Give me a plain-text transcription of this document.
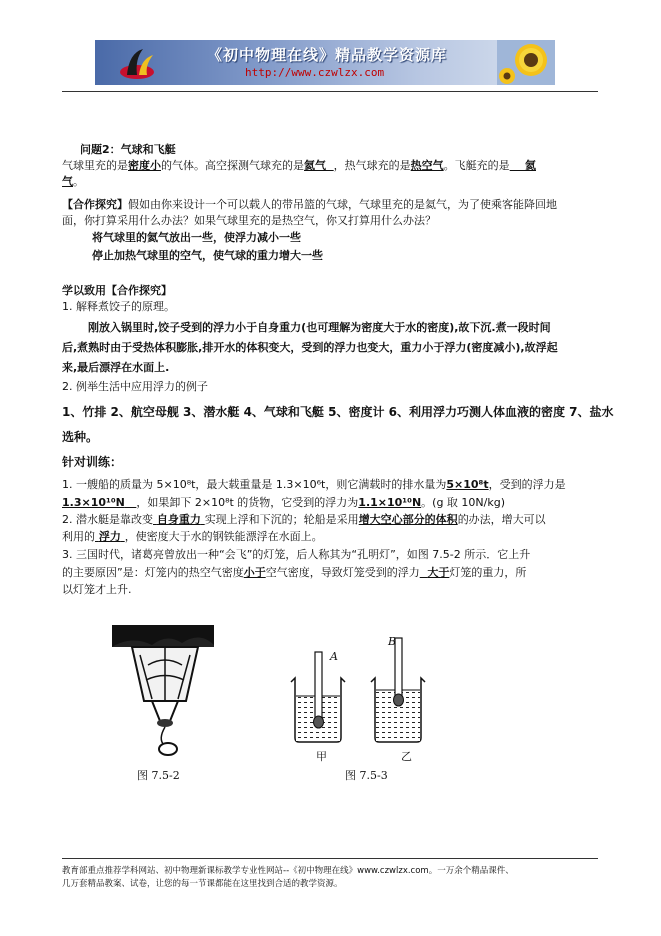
《初中物理在线》精品教学资源库
http://www.czwlzx.com
问题2：气球和飞艇
气球里充的是密度小的气体。高空探测气球充的是氦气 ，热气球充的是热空气。飞艇充的是 氦
气。
【合作探究】假如由你来设计一个可以载人的带吊篮的气球，气球里充的是氦气，为了使乘客能降回地
面，你打算采用什么办法？如果气球里充的是热空气，你又打算用什么办法？
将气球里的氦气放出一些，使浮力减小一些
停止加热气球里的空气，使气球的重力增大一些
学以致用【合作探究】
1. 解释煮饺子的原理。
刚放入锅里时,饺子受到的浮力小于自身重力(也可理解为密度大于水的密度),故下沉.煮一段时间
后,煮熟时由于受热体积膨胀,排开水的体积变大，受到的浮力也变大，重力小于浮力(密度减小),故浮起
来,最后漂浮在水面上.
2. 例举生活中应用浮力的例子
1、竹排 2、航空母舰 3、潜水艇 4、气球和飞艇 5、密度计 6、利用浮力巧测人体血液的密度 7、盐水
选种。
针对训练：
1. 一艘船的质量为 5×10⁸t，最大载重量是 1.3×10⁶t，则它满载时的排水量为5×10⁸t，受到的浮力是
1.3×10¹⁰N ，如果卸下 2×10⁸t 的货物，它受到的浮力为1.1×10¹⁰N。(g 取 10N/kg)
2. 潜水艇是靠改变 自身重力 实现上浮和下沉的；轮船是采用增大空心部分的体积的办法，增大可以
利用的 浮力 ，使密度大于水的钢铁能漂浮在水面上。
3. 三国时代，诸葛亮曾放出一种“会飞”的灯笼，后人称其为“孔明灯”，如图 7.5-2 所示．它上升
的主要原因”是：灯笼内的热空气密度小于空气密度，导致灯笼受到的浮力 大于灯笼的重力，所
以灯笼才上升.
图 7.5-2
A
B
甲	乙
图 7.5-3
教育部重点推荐学科网站、初中物理新课标教学专业性网站--《初中物理在线》www.czwlzx.com。一万余个精品课件、
几万套精品教案、试卷，让您的每一节课都能在这里找到合适的教学资源。
